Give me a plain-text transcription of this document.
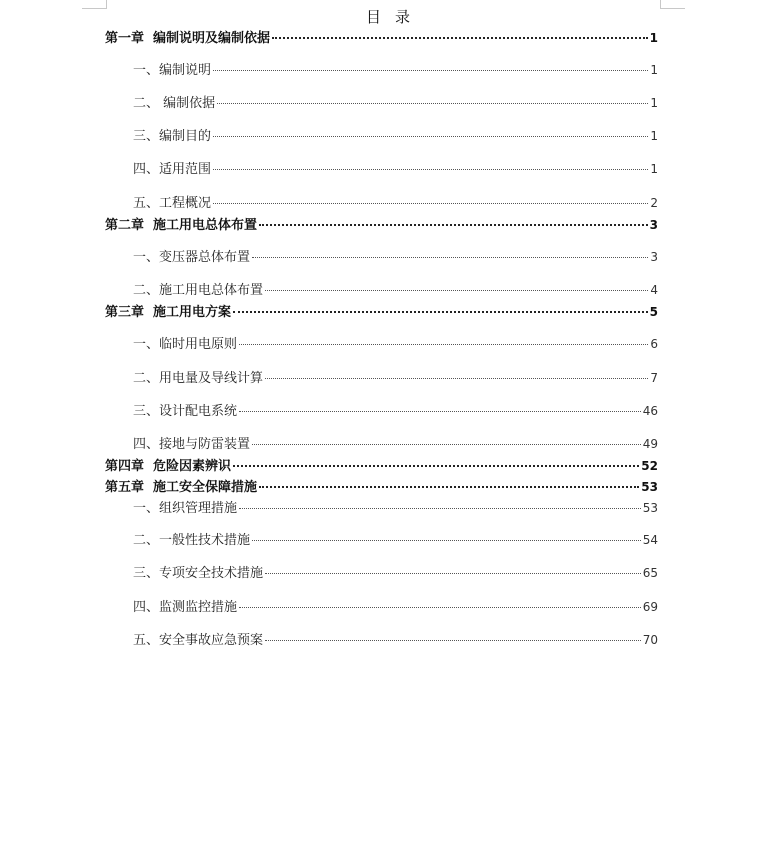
目录
第一章 编制说明及编制依据	1
一、编制说明	1
二、 编制依据	1
三、编制目的	1
四、适用范围	1
五、工程概况	2
第二章 施工用电总体布置	3
一、变压器总体布置	3
二、施工用电总体布置	4
第三章 施工用电方案	5
一、临时用电原则	6
二、用电量及导线计算	7
三、设计配电系统	46
四、接地与防雷装置	49
第四章 危险因素辨识	52
第五章 施工安全保障措施	53
一、组织管理措施	53
二、一般性技术措施	54
三、专项安全技术措施	65
四、监测监控措施	69
五、安全事故应急预案	70
